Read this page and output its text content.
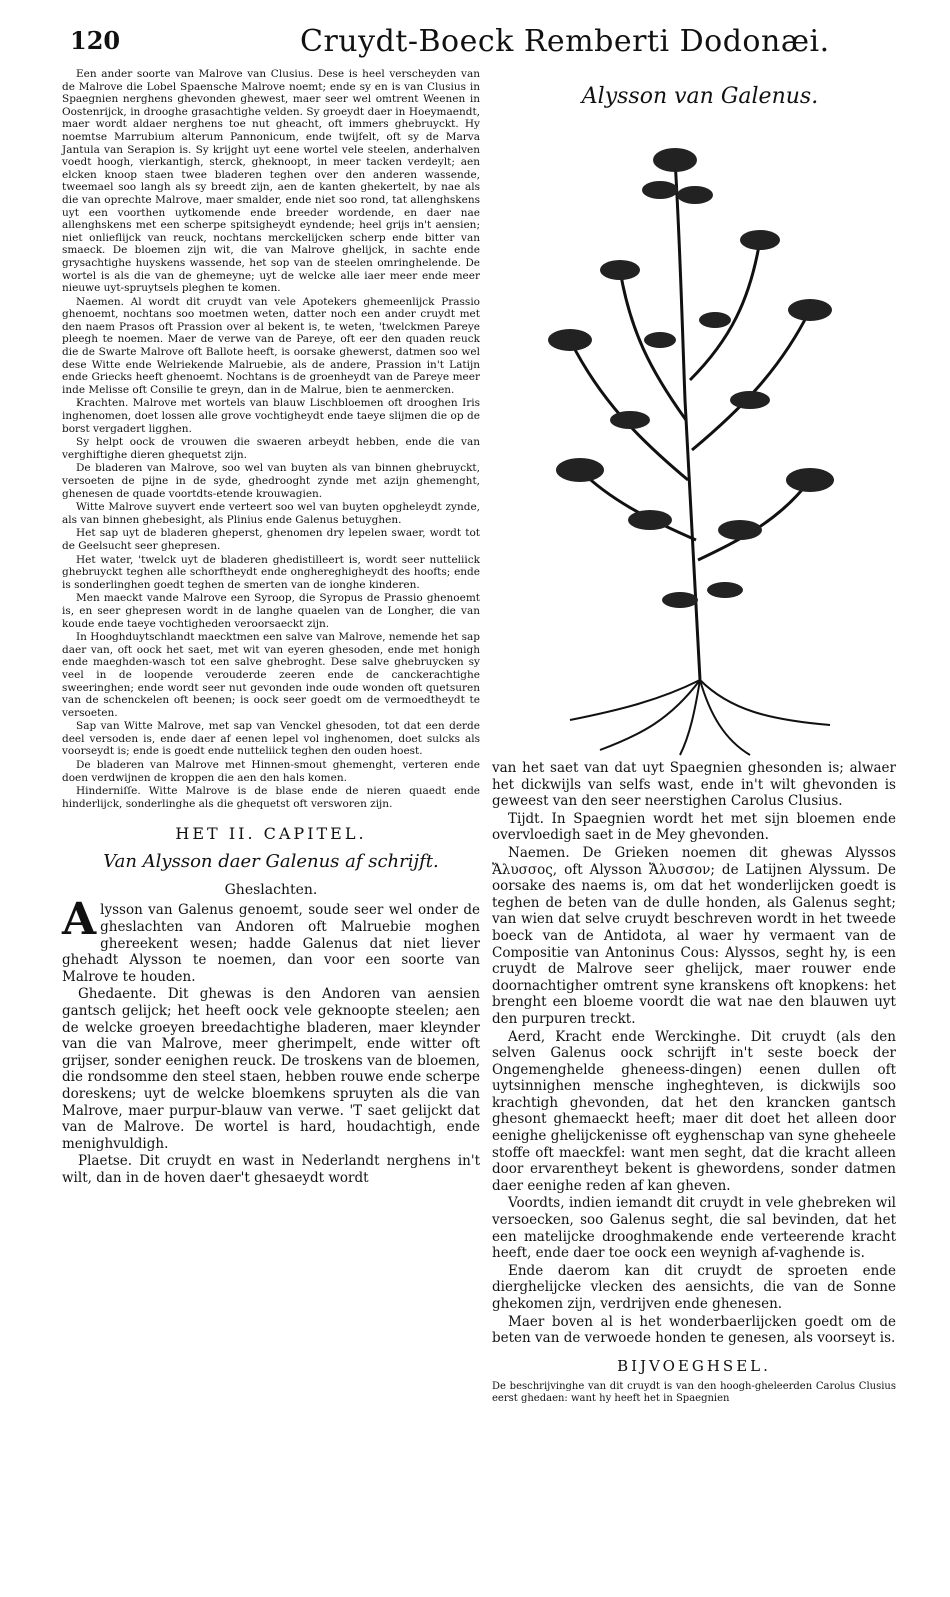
120	Cruydt-Boeck Remberti Dodonæi.
Alysson van Galenus.

Een ander soorte van Malrove van Clusius. Dese is heel verscheyden van de Malrove die Lobel Spaensche Malrove noemt; ende sy en is van Clusius in Spaegnien nerghens ghevonden ghewest, maer seer wel omtrent Weenen in Oostenrijck, in drooghe grasachtighe velden. Sy groeydt daer in Hoeymaendt, maer wordt aldaer nerghens toe nut gheacht, oft immers ghebruyckt. Hy noemtse Marrubium alterum Pannonicum, ende twijfelt, oft sy de Marva Jantula van Serapion is. Sy krijght uyt eene wortel vele steelen, anderhalven voedt hoogh, vierkantigh, sterck, gheknoopt, in meer tacken verdeylt; aen elcken knoop staen twee bladeren teghen over den anderen wassende, tweemael soo langh als sy breedt zijn, aen de kanten ghekertelt, by nae als die van oprechte Malrove, maer smalder, ende niet soo rond, tat allenghskens uyt een voorthen uytkomende ende breeder wordende, en daer nae allenghskens met een scherpe spitsigheydt eyndende; heel grijs in't aensien; niet onlieflijck van reuck, nochtans merckelijcken scherp ende bitter van smaeck. De bloemen zijn wit, die van Malrove ghelijck, in sachte ende grysachtighe huyskens wassende, het sop van de steelen omringhelende. De wortel is als die van de ghemeyne; uyt de welcke alle iaer meer ende meer nieuwe uyt-spruytsels pleghen te komen.

Naemen. Al wordt dit cruydt van vele Apotekers ghemeenlijck Prassio ghenoemt, nochtans soo moetmen weten, datter noch een ander cruydt met den naem Prasos oft Prassion over al bekent is, te weten, 'twelckmen Pareye pleegh te noemen. Maer de verwe van de Pareye, oft eer den quaden reuck die de Swarte Malrove oft Ballote heeft, is oorsake ghewerst, datmen soo wel dese Witte ende Welriekende Malruebie, als de andere, Prassion in't Latijn ende Griecks heeft ghenoemt. Nochtans is de groenheydt van de Pareye meer inde Melisse oft Consilie te greyn, dan in de Malrue, bien te aenmercken.

Krachten. Malrove met wortels van blauw Lischbloemen oft drooghen Iris inghenomen, doet lossen alle grove vochtigheydt ende taeye slijmen die op de borst vergadert ligghen.

Sy helpt oock de vrouwen die swaeren arbeydt hebben, ende die van verghiftighe dieren ghequetst zijn.

De bladeren van Malrove, soo wel van buyten als van binnen ghebruyckt, versoeten de pijne in de syde, ghedrooght zynde met azijn ghemenght, ghenesen de quade voortdts-etende krouwagien.

Witte Malrove suyvert ende verteert soo wel van buyten opgheleydt zynde, als van binnen ghebesight, als Plinius ende Galenus betuyghen.

Het sap uyt de bladeren gheperst, ghenomen dry lepelen swaer, wordt tot de Geelsucht seer ghepresen.

Het water, 'twelck uyt de bladeren ghedistilleert is, wordt seer nutteliick ghebruyckt teghen alle schorftheydt ende onghereghigheydt des hoofts; ende is sonderlinghen goedt teghen de smerten van de ionghe kinderen.

Men maeckt vande Malrove een Syroop, die Syropus de Prassio ghenoemt is, en seer ghepresen wordt in de langhe quaelen van de Longher, die van koude ende taeye vochtigheden veroorsaeckt zijn.

In Hooghduytschlandt maecktmen een salve van Malrove, nemende het sap daer van, oft oock het saet, met wit van eyeren ghesoden, ende met honigh ende maeghden-wasch tot een salve ghebroght. Dese salve ghebruycken sy veel in de loopende verouderde zeeren ende de canckerachtighe sweeringhen; ende wordt seer nut gevonden inde oude wonden oft quetsuren van de schenckelen oft beenen; is oock seer goedt om de vermoedtheydt te versoeten.

Sap van Witte Malrove, met sap van Venckel ghesoden, tot dat een derde deel versoden is, ende daer af eenen lepel vol inghenomen, doet sulcks als voorseydt is; ende is goedt ende nutteliick teghen den ouden hoest.

De bladeren van Malrove met Hinnen-smout ghemenght, verteren ende doen verdwijnen de kroppen die aen den hals komen.

Hinderniſſe. Witte Malrove is de blase ende de nieren quaedt ende hinderlijck, sonderlinghe als die ghequetst oft versworen zijn.

HET II. CAPITEL.
Van Alysson daer Galenus af schrijft.
Gheslachten.

Alysson van Galenus genoemt, soude seer wel onder de gheslachten van Andoren oft Malruebie moghen ghereekent wesen; hadde Galenus dat niet liever ghehadt Alysson te noemen, dan voor een soorte van Malrove te houden.

Ghedaente. Dit ghewas is den Andoren van aensien gantsch gelijck; het heeft oock vele geknoopte steelen; aen de welcke groeyen breedachtighe bladeren, maer kleynder van die van Malrove, meer gherimpelt, ende witter oft grijser, sonder eenighen reuck. De troskens van de bloemen, die rondsomme den steel staen, hebben rouwe ende scherpe doreskens; uyt de welcke bloemkens spruyten als die van Malrove, maer purpur-blauw van verwe. 'T saet gelijckt dat van de Malrove. De wortel is hard, houdachtigh, ende menighvuldigh.

Plaetse. Dit cruydt en wast in Nederlandt nerghens in't wilt, dan in de hoven daer't ghesaeydt wordt

van het saet van dat uyt Spaegnien ghesonden is; alwaer het dickwijls van selfs wast, ende in't wilt ghevonden is geweest van den seer neerstighen Carolus Clusius.

Tijdt. In Spaegnien wordt het met sijn bloemen ende overvloedigh saet in de Mey ghevonden.

Naemen. De Grieken noemen dit ghewas Alyssos Ἄλυσσος, oft Alysson Ἄλυσσον; de Latijnen Alyssum. De oorsake des naems is, om dat het wonderlijcken goedt is teghen de beten van de dulle honden, als Galenus seght; van wien dat selve cruydt beschreven wordt in het tweede boeck van de Antidota, al waer hy vermaent van de Compositie van Antoninus Cous: Alyssos, seght hy, is een cruydt de Malrove seer ghelijck, maer rouwer ende doornachtigher omtrent syne kranskens oft knopkens: het brenght een bloeme voordt die wat nae den blauwen uyt den purpuren treckt.

Aerd, Kracht ende Werckinghe. Dit cruydt (als den selven Galenus oock schrijft in't seste boeck der Ongemenghelde gheneess-dingen) eenen dullen oft uytsinnighen mensche ingheghteven, is dickwijls soo krachtigh ghevonden, dat het den krancken gantsch ghesont ghemaeckt heeft; maer dit doet het alleen door eenighe ghelijckenisse oft eyghenschap van syne gheheele stoffe oft maeckfel: want men seght, dat die kracht alleen door ervarentheyt bekent is ghewordens, sonder datmen daer eenighe reden af kan gheven.

Voordts, indien iemandt dit cruydt in vele ghebreken wil versoecken, soo Galenus seght, die sal bevinden, dat het een matelijcke drooghmakende ende verteerende kracht heeft, ende daer toe oock een weynigh af-vaghende is.

Ende daerom kan dit cruydt de sproeten ende dierghelijcke vlecken des aensichts, die van de Sonne ghekomen zijn, verdrijven ende ghenesen.

Maer boven al is het wonderbaerlijcken goedt om de beten van de verwoede honden te genesen, als voorseyt is.

BIJVOEGHSEL.

De beschrijvinghe van dit cruydt is van den hoogh-gheleerden Carolus Clusius eerst ghedaen: want hy heeft het in Spaegnien
